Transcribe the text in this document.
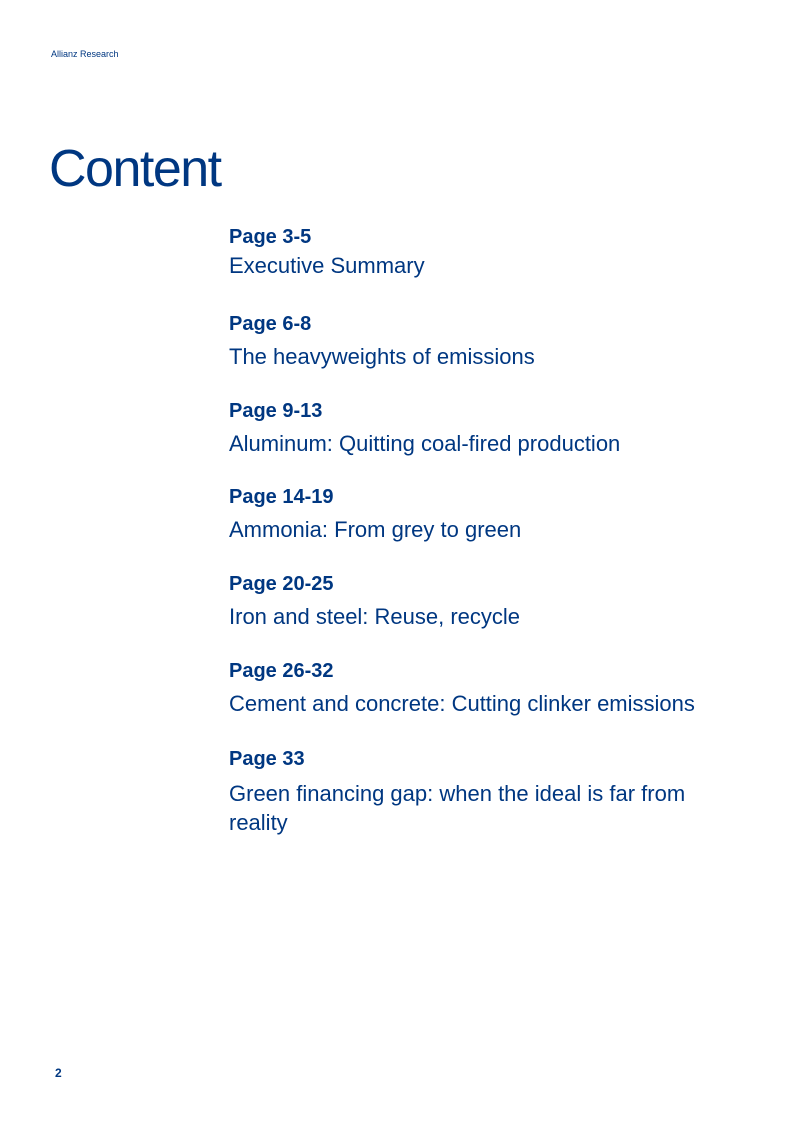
Allianz Research
Content
Page 3-5
Executive Summary
Page 6-8
The heavyweights of emissions
Page 9-13
Aluminum: Quitting coal-fired production
Page 14-19
Ammonia: From grey to green
Page 20-25
Iron and steel: Reuse, recycle
Page 26-32
Cement and concrete: Cutting clinker emissions
Page 33
Green financing gap: when the ideal is far from reality
2
